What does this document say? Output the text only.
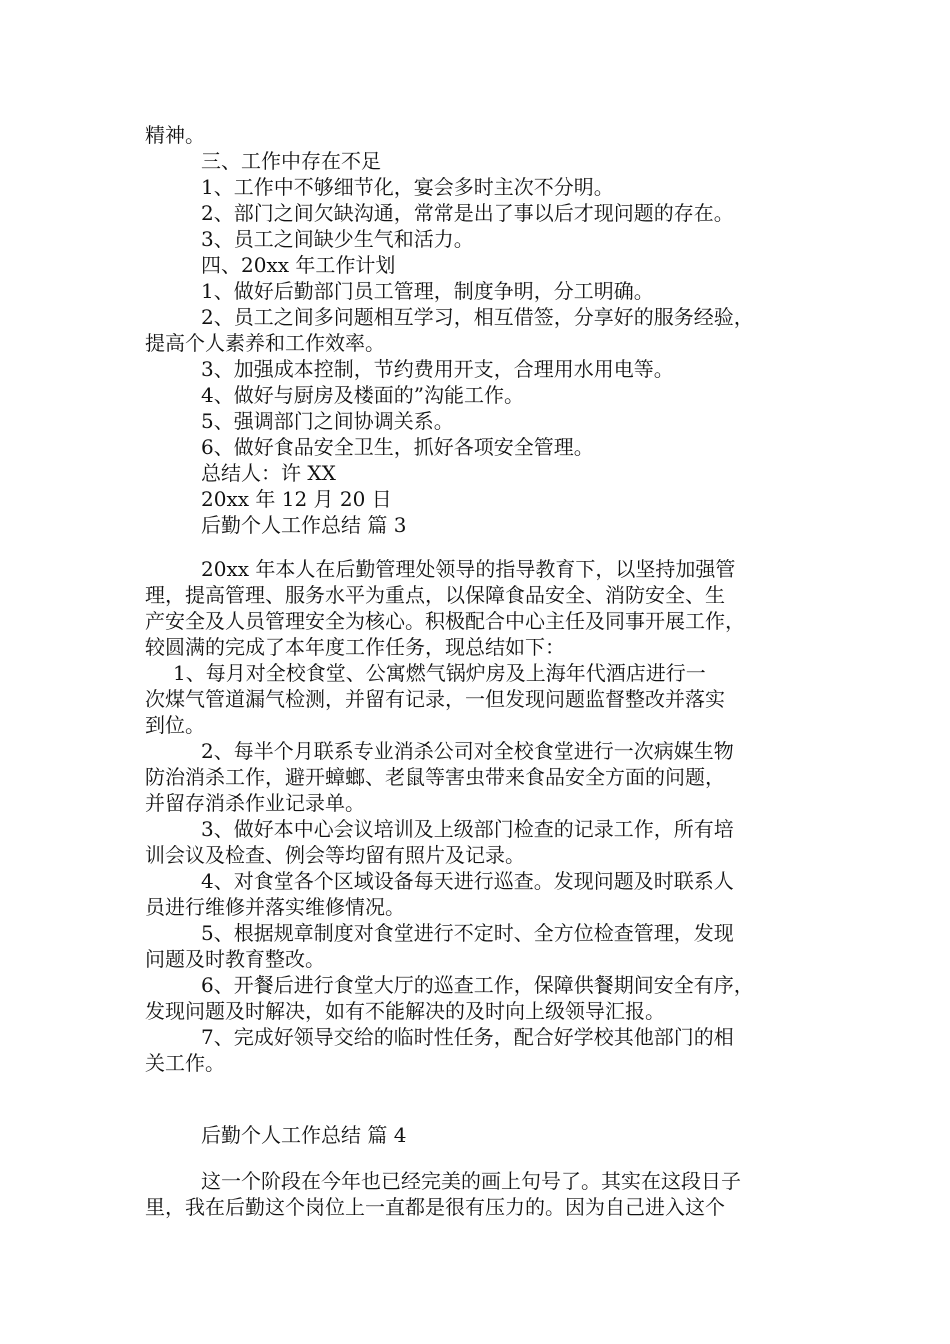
精神。

三、工作中存在不足

1、工作中不够细节化，宴会多时主次不分明。

2、部门之间欠缺沟通，常常是出了事以后才现问题的存在。

3、员工之间缺少生气和活力。

四、20xx 年工作计划

1、做好后勤部门员工管理，制度争明，分工明确。

2、员工之间多问题相互学习，相互借签，分享好的服务经验，

提高个人素养和工作效率。

3、加强成本控制，节约费用开支，合理用水用电等。

4、做好与厨房及楼面的”沟能工作。

5、强调部门之间协调关系。

6、做好食品安全卫生，抓好各项安全管理。

总结人：许 XX

20xx 年 12 月 20 日

后勤个人工作总结 篇 3

20xx 年本人在后勤管理处领导的指导教育下，以坚持加强管

理，提高管理、服务水平为重点，以保障食品安全、消防安全、生

产安全及人员管理安全为核心。积极配合中心主任及同事开展工作，

较圆满的完成了本年度工作任务，现总结如下：

1、每月对全校食堂、公寓燃气锅炉房及上海年代酒店进行一

次煤气管道漏气检测，并留有记录，一但发现问题监督整改并落实

到位。

2、每半个月联系专业消杀公司对全校食堂进行一次病媒生物

防治消杀工作，避开蟑螂、老鼠等害虫带来食品安全方面的问题，

并留存消杀作业记录单。

3、做好本中心会议培训及上级部门检查的记录工作，所有培

训会议及检查、例会等均留有照片及记录。

4、对食堂各个区域设备每天进行巡查。发现问题及时联系人

员进行维修并落实维修情况。

5、根据规章制度对食堂进行不定时、全方位检查管理，发现

问题及时教育整改。

6、开餐后进行食堂大厅的巡查工作，保障供餐期间安全有序，

发现问题及时解决，如有不能解决的及时向上级领导汇报。

7、完成好领导交给的临时性任务，配合好学校其他部门的相

关工作。

后勤个人工作总结 篇 4

这一个阶段在今年也已经完美的画上句号了。其实在这段日子

里，我在后勤这个岗位上一直都是很有压力的。因为自己进入这个
